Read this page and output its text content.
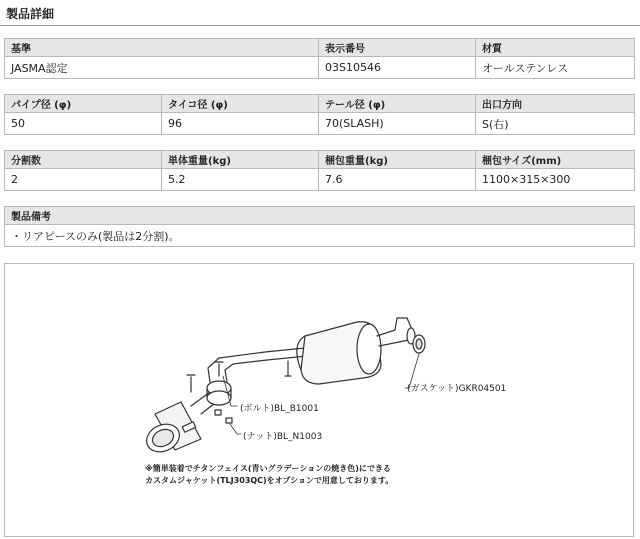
製品詳細
基準	表示番号	材質
JASMA認定	03S10546	オールステンレス
パイプ径 (φ)	タイコ径 (φ)	テール径 (φ)	出口方向
50	96	70(SLASH)	S(右)
分割数	単体重量(kg)	梱包重量(kg)	梱包サイズ(mm)
2	5.2	7.6	1100×315×300
製品備考
・リアピースのみ(製品は2分割)。
(ガスケット)GKR04501
(ボルト)BL_B1001
(ナット)BL_N1003
※簡単装着でチタンフェイス(青いグラデーションの焼き色)にできる
カスタムジャケット(TLJ303QC)をオプションで用意しております。
